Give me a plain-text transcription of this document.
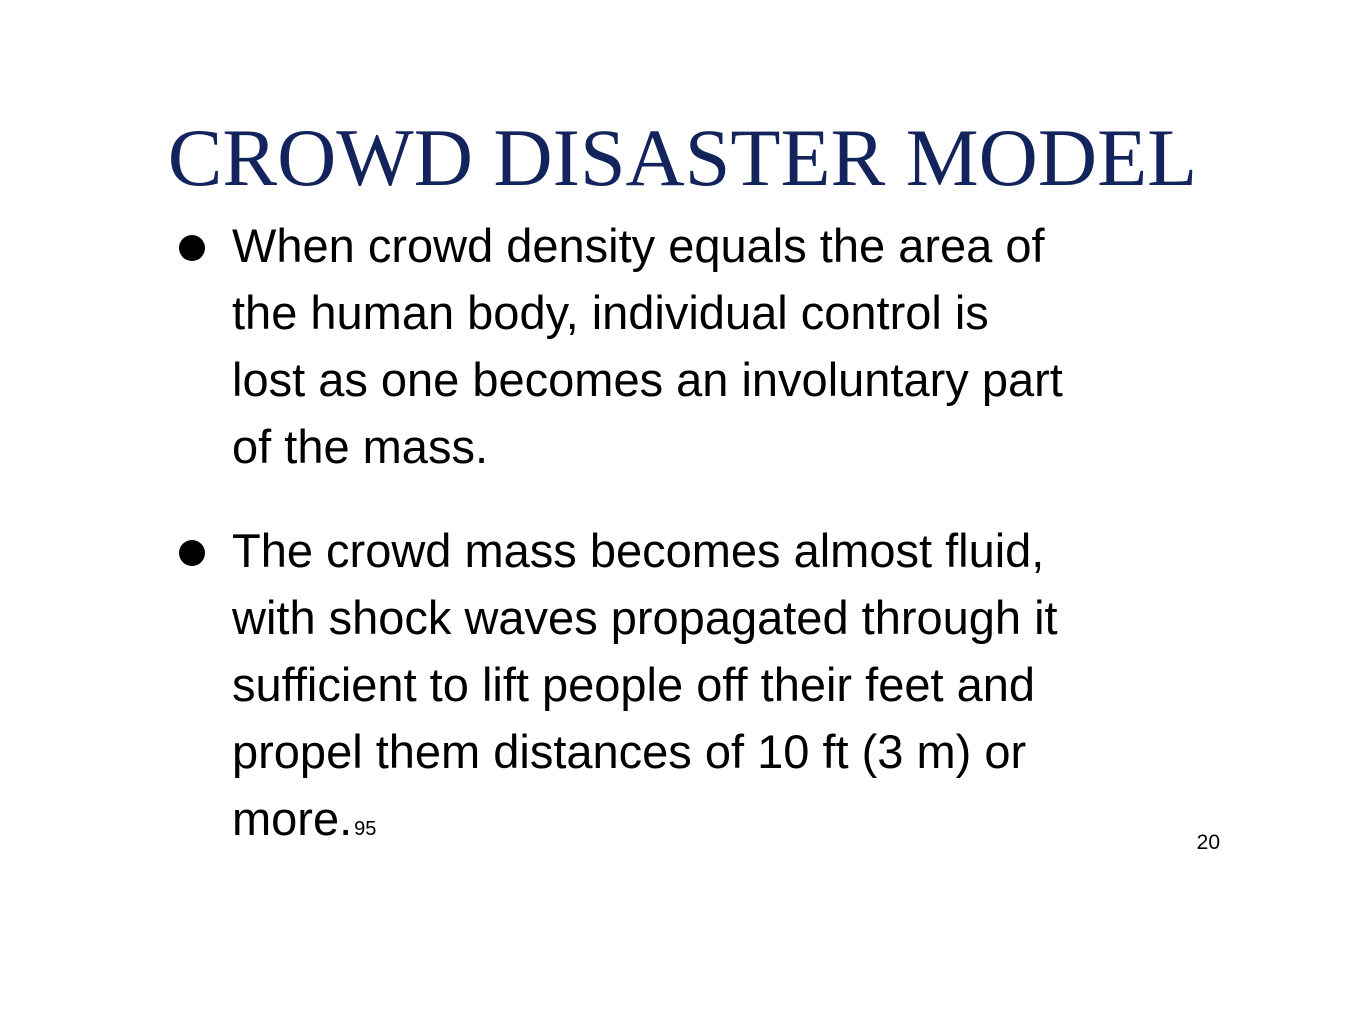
CROWD DISASTER MODEL
When crowd density equals the area of
the human body, individual control is
lost as one becomes an involuntary part
of the mass.
The crowd mass becomes almost fluid,
with shock waves propagated through it
sufficient to lift people off their feet and
propel them distances of 10 ft (3 m) or
more. 95
20
